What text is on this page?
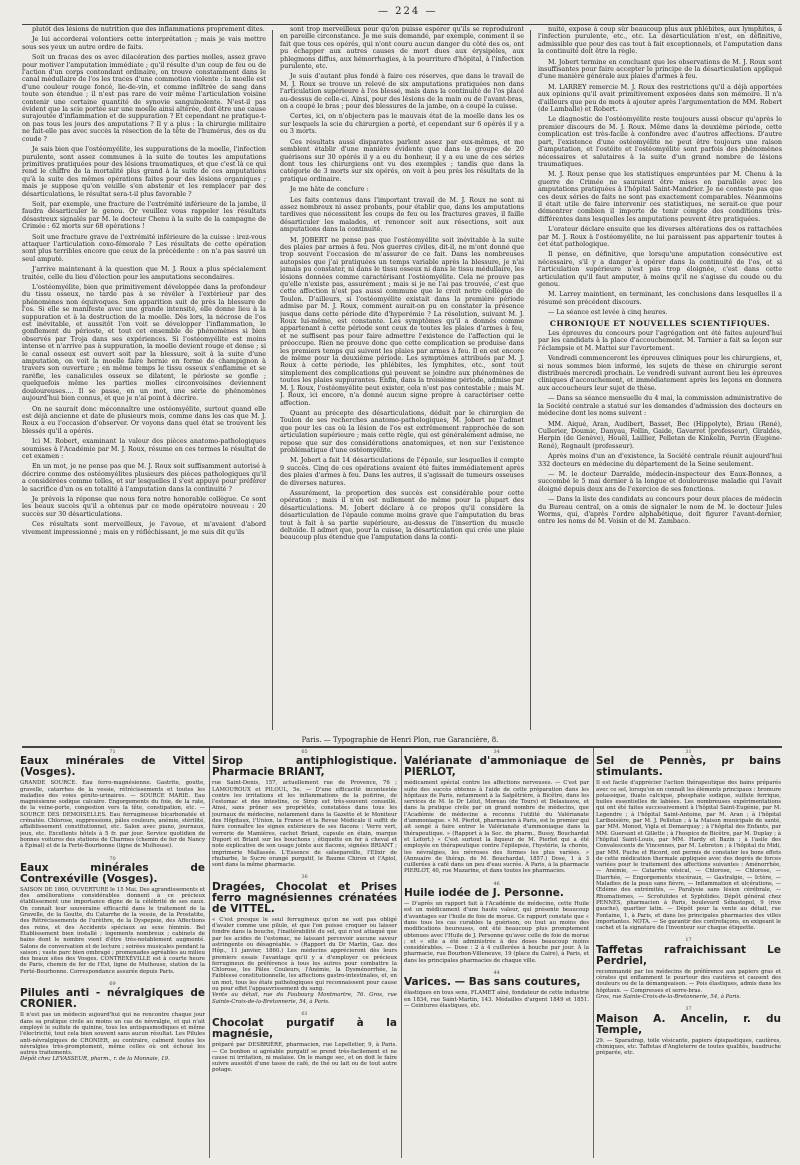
— 224 —

plutôt des lésions de nutrition que des inflammations proprement dites.

Je lui accorderai volontiers cette interprétation ; mais je vais mettre sous ses yeux un autre ordre de faits.

Soit un fracas des os avec dilacération des parties molles, assez grave pour motiver l'amputation immédiate ; qu'il résulte d'un coup de feu ou de l'action d'un corps contondant ordinaire, on trouve constamment dans le canal médullaire de l'os les traces d'une commotion violente : la moelle est d'une couleur rouge foncé, lie-de-vin, et comme infiltrée de sang dans toute son étendue ; il n'est pas rare de voir même l'articulation voisine contenir une certaine quantité de synovie sanguinolente. N'est-il pas évident que la scie portée sur une moelle ainsi altérée, doit être une cause surajoutée d'inflammation et de suppuration ? Et cependant ne pratique-t-on pas tous les jours des amputations ? Il y a plus : la chirurgie militaire ne fait-elle pas avec succès la résection de la tête de l'humérus, des os du coude ?

Je sais bien que l'ostéomyélite, les suppurations de la moelle, l'infection purulente, sont assez communes à la suite de toutes les amputations primitives pratiquées pour des lésions traumatiques, et que c'est là ce qui rend le chiffre de la mortalité plus grand à la suite de ces amputations qu'à la suite des mêmes opérations faites pour des lésions organiques ; mais je suppose qu'on veuille s'en abstenir et les remplacer par des désarticulations, le résultat sera-t-il plus favorable ?

Soit, par exemple, une fracture de l'extrémité inférieure de la jambe, il faudra désarticuler le genou. Or veuillez vous rappeler les résultats désastreux signalés par M. le docteur Chenu à la suite de la campagne de Crimée : 62 morts sur 68 opérations !

Soit une fracture grave de l'extrémité inférieure de la cuisse : irez-vous attaquer l'articulation coxo-fémorale ? Les résultats de cette opération sont plus terribles encore que ceux de la précédente : on n'a pas sauvé un seul amputé.

J'arrive maintenant à la question que M. J. Roux a plus spécialement traitée, celle du lieu d'élection pour les amputations secondaires.

L'ostéomyélite, bien que primitivement développée dans la profondeur du tissu osseux, ne tarde pas à se révéler à l'extérieur par des phénomènes non équivoques. Son apparition suit de près la blessure de l'os. Si elle se manifeste avec une grande intensité, elle donne lieu à la suppuration et à la destruction de la moelle. Dès lors, la nécrose de l'os est inévitable, et aussitôt l'on voit se développer l'inflammation, le gonflement du périoste, et tout cet ensemble de phénomènes si bien observés par Troja dans ses expériences. Si l'ostéomyélite est moins intense et n'arrive pas à suppuration, la moelle devient rouge et dense ; si le canal osseux est ouvert soit par la blessure, soit à la suite d'une amputation, on voit la moelle faire hernie en forme de champignon à travers son ouverture ; en même temps le tissu osseux s'enflamme et se raréfie, les canalicules osseux se dilatent, le périoste se gonfle ; quelquefois même les parties molles circonvoisines deviennent douloureuses.... Il se passe, en un mot, une série de phénomènes aujourd'hui bien connus, et que je n'ai point à décrire.

On ne saurait donc méconnaître une ostéomyélite, surtout quand elle est déjà ancienne et date de plusieurs mois, comme dans les cas que M. J. Roux a eu l'occasion d'observer. Or voyons dans quel état se trouvent les blessés qu'il a opérés.

Ici M. Robert, examinant la valeur des pièces anatomo-pathologiques soumises à l'Académie par M. J. Roux, résume en ces termes le résultat de cet examen :

En un mot, je ne pense pas que M. J. Roux soit suffisamment autorisé à décrire comme des ostéomyélites plusieurs des pièces pathologiques qu'il a considérées comme telles, et sur lesquelles il s'est appuyé pour préférer le sacrifice d'un os en totalité à l'amputation dans la continuité ?

Je prévois la réponse que nous fera notre honorable collègue. Ce sont les beaux succès qu'il a obtenus par ce mode opératoire nouveau : 20 succès sur 30 désarticulations.

Ces résultats sont merveilleux, je l'avoue, et m'avaient d'abord vivement impressionné ; mais en y réfléchissant, je me suis dit qu'ils

sont trop merveilleux pour qu'on puisse espérer qu'ils se reproduiront en pareille circonstance. Je me suis demandé, par exemple, comment il se fait que tous ces opérés, qui n'ont couru aucun danger du côté des os, ont pu échapper aux autres causes de mort dues aux érysipèles, aux phlegmons diffus, aux hémorrhagies, à la pourriture d'hôpital, à l'infection purulente, etc.

Je suis d'autant plus fondé à faire ces réserves, que dans le travail de M. J. Roux se trouve un relevé de six amputations pratiquées non dans l'articulation supérieure à l'os blessé, mais dans la continuité de l'os placé au-dessus de celle-ci. Ainsi, pour des lésions de la main ou de l'avant-bras, on a coupé le bras ; pour des blessures de la jambe, on a coupé la cuisse.

Certes, ici, on n'objectera pas le mauvais état de la moelle dans les os sur lesquels la scie du chirurgien a porté, et cependant sur 6 opérés il y a eu 3 morts.

Ces résultats aussi disparates parlent assez par eux-mêmes, et me semblent établir d'une manière évidente que dans le groupe de 20 guérisons sur 30 opérés il y a eu du bonheur, il y a eu une de ces séries dont tous les chirurgiens ont vu des exemples ; tandis que dans la catégorie de 3 morts sur six opérés, on voit à peu près les résultats de la pratique ordinaire.

Je me hâte de conclure :

Les faits contenus dans l'important travail de M. J. Roux ne sont ni assez nombreux ni assez probants, pour établir que, dans les amputations tardives que nécessitent les coups de feu ou les fractures graves, il faille désarticuler les malades, et renoncer soit aux résections, soit aux amputations dans la continuité.

M. JOBERT ne pense pas que l'ostéomyélite soit inévitable à la suite des plaies par armes à feu. Nos guerres civiles, dit-il, ne m'ont donné que trop souvent l'occasion de m'assurer de ce fait. Dans les nombreuses autopsies que j'ai pratiquées un temps variable après la blessure, je n'ai jamais pu constater, ni dans le tissu osseux ni dans le tissu médullaire, les lésions données comme caractérisant l'ostéomyélite. Cela ne prouve pas qu'elle n'existe pas, assurément ; mais si je ne l'ai pas trouvée, c'est que cette affection n'est pas aussi commune que le croit notre collègue de Toulon. D'ailleurs, si l'ostéomyélite existait dans la première période admise par M. J. Roux, comment aurait-on pu en constater la présence jusque dans cette période dite d'hyperémie ? La résolution, suivant M. J. Roux lui-même, est constante. Les symptômes qu'il a donnés comme appartenant à cette période sont ceux de toutes les plaies d'armes à feu, et ne suffisent pas pour faire admettre l'existence de l'affection qui le préoccupe. Rien ne prouve donc que cette complication se produise dans les premiers temps qui suivent les plaies par armes à feu. Il en est encore de même pour la deuxième période. Les symptômes attribués par M. J. Roux à cette période, les phlébites, les lymphites, etc., sont tout simplement des complications qui peuvent se joindre aux phénomènes de toutes les plaies suppurantes. Enfin, dans la troisième période, admise par M. J. Roux, l'ostéomyélite peut exister, cela n'est pas contestable ; mais M. J. Roux, ici encore, n'a donné aucun signe propre à caractériser cette affection.

Quant au précepte des désarticulations, déduit par le chirurgien de Toulon de ses recherches anatomo-pathologiques, M. Jobert ne l'admet que pour les cas où la lésion de l'os est extrêmement rapprochée de son articulation supérieure ; mais cette règle, qui est généralement admise, ne repose que sur des considérations anatomiques, et non sur l'existence problématique d'une ostéomyélite.

M. Jobert a fait 14 désarticulations de l'épaule, sur lesquelles il compte 9 succès. Cinq de ces opérations avaient été faites immédiatement après des plaies d'armes à feu. Dans les autres, il s'agissait de tumeurs osseuses de diverses natures.

Assurément, la proportion des succès est considérable pour cette opération ; mais il n'en est nullement de même pour la plupart des désarticulations. M. Jobert déclare à ce propos qu'il considère la désarticulation de l'épaule comme moins grave que l'amputation du bras tout à fait à sa partie supérieure, au-dessus de l'insertion du muscle deltoïde. Il admet que, pour la cuisse, la désarticulation qui crée une plaie beaucoup plus étendue que l'amputation dans la conti-

nuité, expose à coup sûr beaucoup plus aux phlébites, aux lymphites, à l'infection purulente, etc., etc. La désarticulation n'est, en définitive, admissible que pour des cas tout à fait exceptionnels, et l'amputation dans la continuité doit être la règle.

M. Jobert termine en concluant que les observations de M. J. Roux sont insuffisantes pour faire accepter le principe de la désarticulation appliqué d'une manière générale aux plaies d'armes à feu.

M. LARREY remercie M. J. Roux des restrictions qu'il a déjà apportées aux opinions qu'il avait primitivement exposées dans son mémoire. Il n'a d'ailleurs que peu de mots à ajouter après l'argumentation de MM. Robert (de Lamballe) et Robert.

Le diagnostic de l'ostéomyélite reste toujours aussi obscur qu'après le premier discours de M. J. Roux. Même dans la deuxième période, cette complication est très-facile à confondre avec d'autres affections. D'autre part, l'existence d'une ostéomyélite ne peut être toujours une raison d'amputation, et l'ostéite et l'ostéomyélite sont parfois des phénomènes nécessaires et salutaires à la suite d'un grand nombre de lésions traumatiques.

M. J. Roux pense que les statistiques empruntées par M. Chenu à la guerre de Crimée ne sauraient être mises en parallèle avec les amputations pratiquées à l'hôpital Saint-Mandrier. Je ne conteste pas que ces deux séries de faits ne sont pas exactement comparables. Néanmoins il était utile de faire intervenir ces statistiques, ne serait-ce que pour démontrer combien il importe de tenir compte des conditions très-différentes dans lesquelles les amputations peuvent être pratiquées.

L'orateur déclare ensuite que les diverses altérations des os rattachées par M. J. Roux à l'ostéomyélite, ne lui paraissent pas appartenir toutes à cet état pathologique.

Il pense, en définitive, que lorsqu'une amputation consécutive est nécessaire, s'il y a danger à opérer dans la continuité de l'os, et si l'articulation supérieure n'est pas trop éloignée, c'est dans cette articulation qu'il faut amputer, à moins qu'il ne s'agisse du coude ou du genou.

M. Larrey maintient, en terminant, les conclusions dans lesquelles il a résumé son précédent discours.

— La séance est levée à cinq heures.

CHRONIQUE ET NOUVELLES SCIENTIFIQUES.

Les épreuves du concours pour l'agrégation ont été faites aujourd'hui par les candidats à la place d'accouchement. M. Tarnier a fait sa leçon sur l'éclampsie et M. Mattei sur l'avortement.

Vendredi commenceront les épreuves cliniques pour les chirurgiens, et, si nous sommes bien informé, les sujets de thèse en chirurgie seront distribués mercredi prochain. Le vendredi suivant auront lieu les épreuves cliniques d'accouchement, et immédiatement après les leçons en donnera aux accoucheurs leur sujet de thèse.

— Dans sa séance mensuelle du 4 mai, la commission administrative de la Société centrale a statué sur les demandes d'admission des docteurs en médecine dont les noms suivent :

MM. Aiqué, Aran, Audibert, Basset, Bec (Hippolyte), Briau (René), Cullerier, Doumic, Danyau, Follin, Gaide, Gavarret (professeur), Giraldès, Herpin (de Genève), Houël, Laillier, Pelletan de Kinkelin, Perrin (Eugène-René), Regnault (professeur).

Après moins d'un an d'existence, la Société centrale réunit aujourd'hui 332 docteurs en médecine du département de la Seine seulement.

— M. le docteur Darralde, médecin-inspecteur des Eaux-Bonnes, a succombé le 5 mai dernier à la longue et douloureuse maladie qui l'avait éloigné depuis deux ans de l'exercice de ses fonctions.

— Dans la liste des candidats au concours pour deux places de médecin du Bureau central, on a omis de signaler le nom de M. le docteur Jules Worms, qui, d'après l'ordre alphabétique, doit figurer l'avant-dernier, entre les noms de M. Voisin et de M. Zambaco.

Paris. — Typographie de Henri Plon, rue Garancière, 8.
71
Eaux minérales de Vittel (Vosges).
GRANDE SOURCE. Eau ferro-magnésienne. Gastrite, goutte, gravelle, catarrhes de la vessie, rétrécissements et toutes les maladies des voies génito-urinaires. — SOURCE MARIE. Eau magnésienne sodique calcaire. Engorgements du foie, de la rate, de la veine-porte, congestion vers la tête, constipation, etc. — SOURCE DES DEMOISELLES. Eau ferrugineuse bicarbonatée et crénatée. Chlorose, suppressions, pâles couleurs, anémie, stérilité, affaiblissement constitutionnel, etc. Salon avec piano, journaux, jeux, etc. Excellents hôtels à 5 fr. par jour. Service quotidien de bonnes voitures des stations de Charmes (chemin de fer de Nancy à Épinal) et de la Ferté-Bourbonne (ligne de Mulhouse).
70
Eaux minérales de Contrexéville (Vosges).
SAISON DE 1860, OUVERTURE le 15 Mai. Des agrandissements et des améliorations considérables donnent à ce précieux établissement une importance digne de la célébrité de ses eaux. On connaît leur souveraine efficacité dans le traitement de la Gravelle, de la Goutte, du Catarrhe de la vessie, de la Prostatite, des Rétrécissements de l'urèthre, de la Dyspepsie, des Affections des reins, et des Accidents spéciaux au sexe féminin. Bel Établissement bien installé ; logements nombreux ; cabinets de bains dont le nombre vient d'être très-notablement augmenté. Salons de conversation et de lecture ; soirées musicales pendant la saison ; vaste parc bien ombragé ; promenades agréables au milieu des beaux sites des Vosges. CONTREXÉVILLE est à courte heure de Paris, chemin de fer de l'Est, ligne de Mulhouse, station de la Ferté-Bourbonne. Correspondance assurée depuis Paris.
69
Pilules anti - névralgiques de CRONIER.
Il n'est pas un médecin aujourd'hui qui ne rencontre chaque jour dans sa pratique civile au moins un cas de névralgie, et qui n'ait employé le sulfate de quinine, tous les antispasmodiques et même l'électricité, tout cela bien souvent sans aucun résultat. Les Pilules anti-névralgiques de CRONIER, au contraire, calment toutes les névralgies très-promptement, même celles où ont échoué les autres traitements.
Dépôt chez LEVASSEUR, pharm., r. de la Monnaie, 19.
65
Sirop antiphlogistique. Pharmacie BRIANT,
rue Saint-Denis, 157, actuellement rue de Provence, 76 ; LAMOUROUX et PILOUL, 5e. — D'une efficacité incontestée contre les irritations et les inflammations de la poitrine, de l'estomac et des intestins, ce Sirop est très-souvent conseillé. Ainsi, sans prôner ses propriétés, constatées dans tous les journaux de médecine, notamment dans la Gazette et le Moniteur des Hôpitaux, l'Union, la France et la Revue Médicale il suffit de faire connaître les signes extérieurs de ses flacons : Verre vert, verrerie de Mamières, cachet Briant, capsule en étain, marque Duport et Briant sur les bouchons ; étiquette en fer à cheval et note explicative de son usage jointe aux flacons, signées BRIANT ; imprimerie Mallassée. L'Essence de salsepareille, l'Elixir de rhubarbe, le Sucre orangé purgatif, le Baume Chiron et l'Apiol, sont dans la même pharmacie.
36
Dragées, Chocolat et Prises ferro magnésiennes crénatées de VITTEL.
« C'est presque le seul ferrugineux qu'on ne soit pas obligé d'avaler comme une pilule, et que l'on puisse croquer ou laisser fondre dans la bouche, l'inaltérabilité du sel, qui n'est attaqué que par les acides de l'estomac, ne laissant percevoir aucune saveur astringente ou désagréable. » (Rapport du Dr Martin, Gaz. des Hôp., 11 janvier, 1860.) Les médecins apprécieront dès leurs premiers essais l'avantage qu'il y a d'employer ce précieux ferrugineux de préférence à tous les autres pour combattre la Chlorose, les Pâles Couleurs, l'Anémie, la Dysménorrhée, la Faiblesse constitutionnelle, les affections gastro-intestinales, et, en un mot, tous les états pathologiques qui reconnaissent pour cause ou pour effet l'appauvrissement du sang.
Vente au détail, rue du Faubourg Montmartre, 76. Gros, rue Sainte-Croix-de-la-Bretonnerie, 54, à Paris.
61
Chocolat purgatif à la magnésie,
préparé par DESBRIÈRE, pharmacien, rue Lepelletier, 9, à Paris. — Ce bonbon si agréable purgatif se prend très-facilement et ne cause ni irritation, ni malaise. On le mange sec, et on doit le faire suivre aussitôt d'une tasse de café, de thé ou lait ou de tout autre potage.
34
Valérianate d'ammoniaque de PIERLOT,
médicament spécial contre les affections nerveuses. — C'est par suite des succès obtenus à l'aide de cette préparation dans les hôpitaux de Paris, notamment à la Salpêtrière, à Bicêtre, dans les services de M. le Dr Lélut, Moreau (de Tours) et Delasiauve, et dans la pratique civile par un grand nombre de médecins, que l'Académie de médecine a reconnu l'utilité du Valérianate d'ammoniaque. « M. Pierlot, pharmacien à Paris, est le premier qui ait songé à faire entrer le Valérianate d'ammoniaque dans la thérapeutique. » (Rapport à la Soc. de pharm., Bussy, Bouchardat et Lefort.) « C'est surtout la liqueur de M. Pierlot qui a été employée en thérapeutique contre l'épilepsie, l'hystérie, la chorée, les névralgies, les névroses des formes les plus variées. » (Annuaire de thérap. de M. Bouchardat, 1857.) Dose, 1 à 3 cuillerées à café dans un peu d'eau sucrée. À Paris, à la pharmacie PIERLOT, 40, rue Mazarine, et dans toutes les pharmacies.
46
Huile iodée de J. Personne.
— D'après un rapport fait à l'Académie de médecine, cette Huile est un médicament d'une haute valeur, qui présente beaucoup d'avantages sur l'huile de foie de morue. Ce rapport constate que « dans tous les cas curables la guérison, ou tout au moins des modifications heureuses, ont été beaucoup plus promptement obtenues avec l'Huile de J. Personne qu'avec celle de foie de morue ; et « elle a été administrée à des doses beaucoup moins considérables. — Dose : 2 à 4 cuillerées à bouche par jour. À la pharmacie, rue Bourbon-Villeneuve, 19 (place du Caire), à Paris, et dans les principales pharmacies de chaque ville.
44
Varices. — Bas sans coutures,
élastiques en tous sens, FLAMET aîné, fondateur de cette industrie en 1834, rue Saint-Martin, 143. Médailles d'argent 1849 et 1851. — Ceintures élastiques, etc.
31
Sel de Pennès, pr bains stimulants.
Il est facile d'apprécier l'action thérapeutique des bains préparés avec ce sel, lorsqu'on en connaît les éléments principaux : bromure potassique, fluate calcique, phosphate sodique, sulfate ferrique, huiles essentielles de labiées. Les nombreuses expérimentations qui ont été faites successivement à l'hôpital Saint-Eugénie, par M. Legendre ; à l'hôpital Saint-Antoine, par M. Aran ; à l'hôpital Lariboisière, par M. J. Pelletan ; à la Maison municipale de santé, par MM. Monod, Vigla et Demarquay ; à l'hôpital des Enfants, par MM. Guersant et Gillette ; à l'hospice de Bicêtre, par M. Duplay ; à l'hôpital Saint-Louis, par MM. Hardy et Bazin ; à l'asile des Convalescents de Vincennes, par M. Lebreton ; à l'hôpital du Midi, par MM. Puche et Ricord, ont permis de constater les bons effets de cette médication thermale appliquée avec des degrés de forces variées pour le traitement des affections suivantes : Aménorrhée, — Anémie, — Catarrhe vésical, — Chlorose, — Chlorose, — Diarrhée, — Engorgements viscéraux, — Gastralgie, — Ictère, — Maladies de la peau sans fièvre, — Inflammation et ulcérations, — Œdème des extrémités, — Paralysie sans lésion cérébrale, — Rhumatismes, — Scrofulides et Syphilides. Dépôt général chez PENNÈS, pharmacien à Paris, boulevard Sébastopol, 9 (rive gauche), quartier latin. — Dépôt pour la vente au détail, rue Fontaine, 1, à Paris, et dans les principales pharmacies des villes importantes. NOTA. — Se garantir des contrefaçons, en exigeant le cachet et la signature de l'inventeur sur chaque étiquette.
17
Taffetas rafraichissant Le Perdriel,
recommandé par les médecins de préférence aux papiers gras et cérates qui enflamment le pourtour des cautères et causent des douleurs ou de la démangeaison. — Pois élastiques, admis dans les hôpitaux. — Compresses et serre-bras.
Gros, rue Sainte-Croix-de-la-Bretonnerie, 54, à Paris.
37
Maison A. Ancelin, r. du Temple,
29. — Sparadrap, toile vésicante, papiers épispastiques, cautères, chimiques, etc. Taffetas d'Angleterre de toutes qualités, baudruche préparée, etc.
